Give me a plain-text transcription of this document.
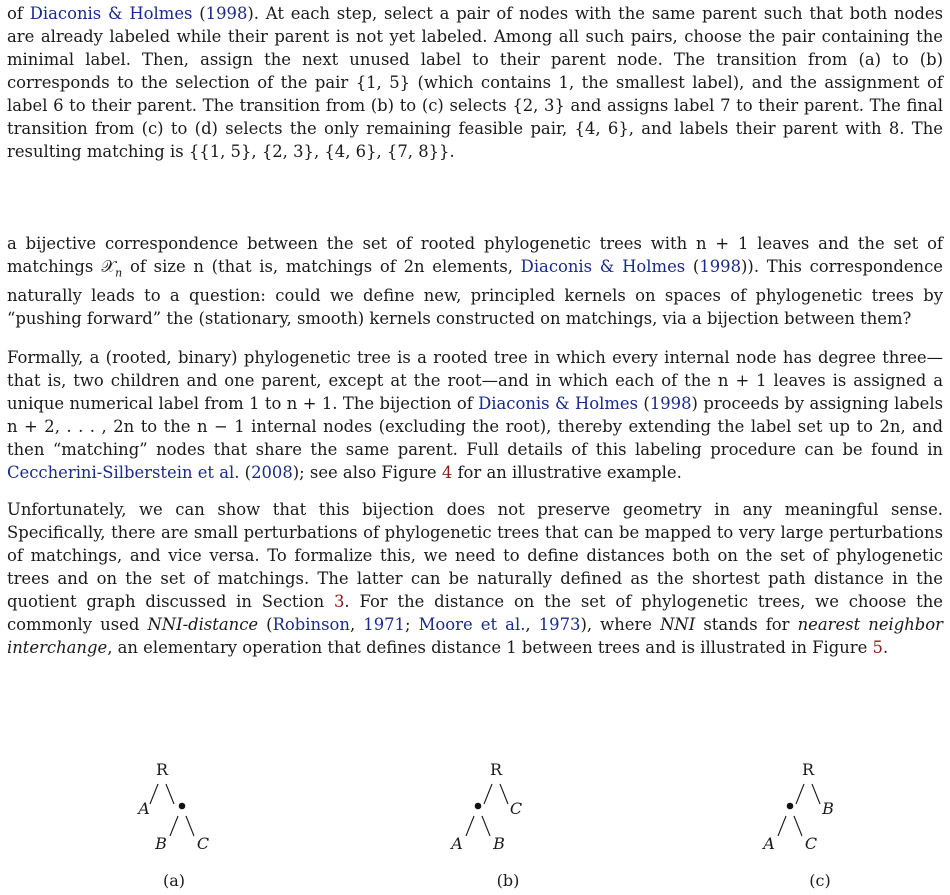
of Diaconis & Holmes (1998). At each step, select a pair of nodes with the same parent such that both nodes are already labeled while their parent is not yet labeled. Among all such pairs, choose the pair containing the minimal label. Then, assign the next unused label to their parent node. The transition from (a) to (b) corresponds to the selection of the pair {1, 5} (which contains 1, the smallest label), and the assignment of label 6 to their parent. The transition from (b) to (c) selects {2, 3} and assigns label 7 to their parent. The final transition from (c) to (d) selects the only remaining feasible pair, {4, 6}, and labels their parent with 8. The resulting matching is {{1, 5}, {2, 3}, {4, 6}, {7, 8}}.

a bijective correspondence between the set of rooted phylogenetic trees with n + 1 leaves and the set of matchings 𝒳$_n$ of size n (that is, matchings of 2n elements, Diaconis & Holmes (1998)). This correspondence naturally leads to a question: could we define new, principled kernels on spaces of phylogenetic trees by “pushing forward” the (stationary, smooth) kernels constructed on matchings, via a bijection between them?

Formally, a (rooted, binary) phylogenetic tree is a rooted tree in which every internal node has degree three—that is, two children and one parent, except at the root—and in which each of the n + 1 leaves is assigned a unique numerical label from 1 to n + 1. The bijection of Diaconis & Holmes (1998) proceeds by assigning labels n + 2, . . . , 2n to the n − 1 internal nodes (excluding the root), thereby extending the label set up to 2n, and then “matching” nodes that share the same parent. Full details of this labeling procedure can be found in Ceccherini-Silberstein et al. (2008); see also Figure 4 for an illustrative example.

Unfortunately, we can show that this bijection does not preserve geometry in any meaningful sense. Specifically, there are small perturbations of phylogenetic trees that can be mapped to very large perturbations of matchings, and vice versa. To formalize this, we need to define distances both on the set of phylogenetic trees and on the set of matchings. The latter can be naturally defined as the shortest path distance in the quotient graph discussed in Section 3. For the distance on the set of phylogenetic trees, we choose the commonly used NNI-distance (Robinson, 1971; Moore et al., 1973), where NNI stands for nearest neighbor interchange, an elementary operation that defines distance 1 between trees and is illustrated in Figure 5.

R
A
B C
(a)
R
C
A B
(b)
R
B
A C
(c)
